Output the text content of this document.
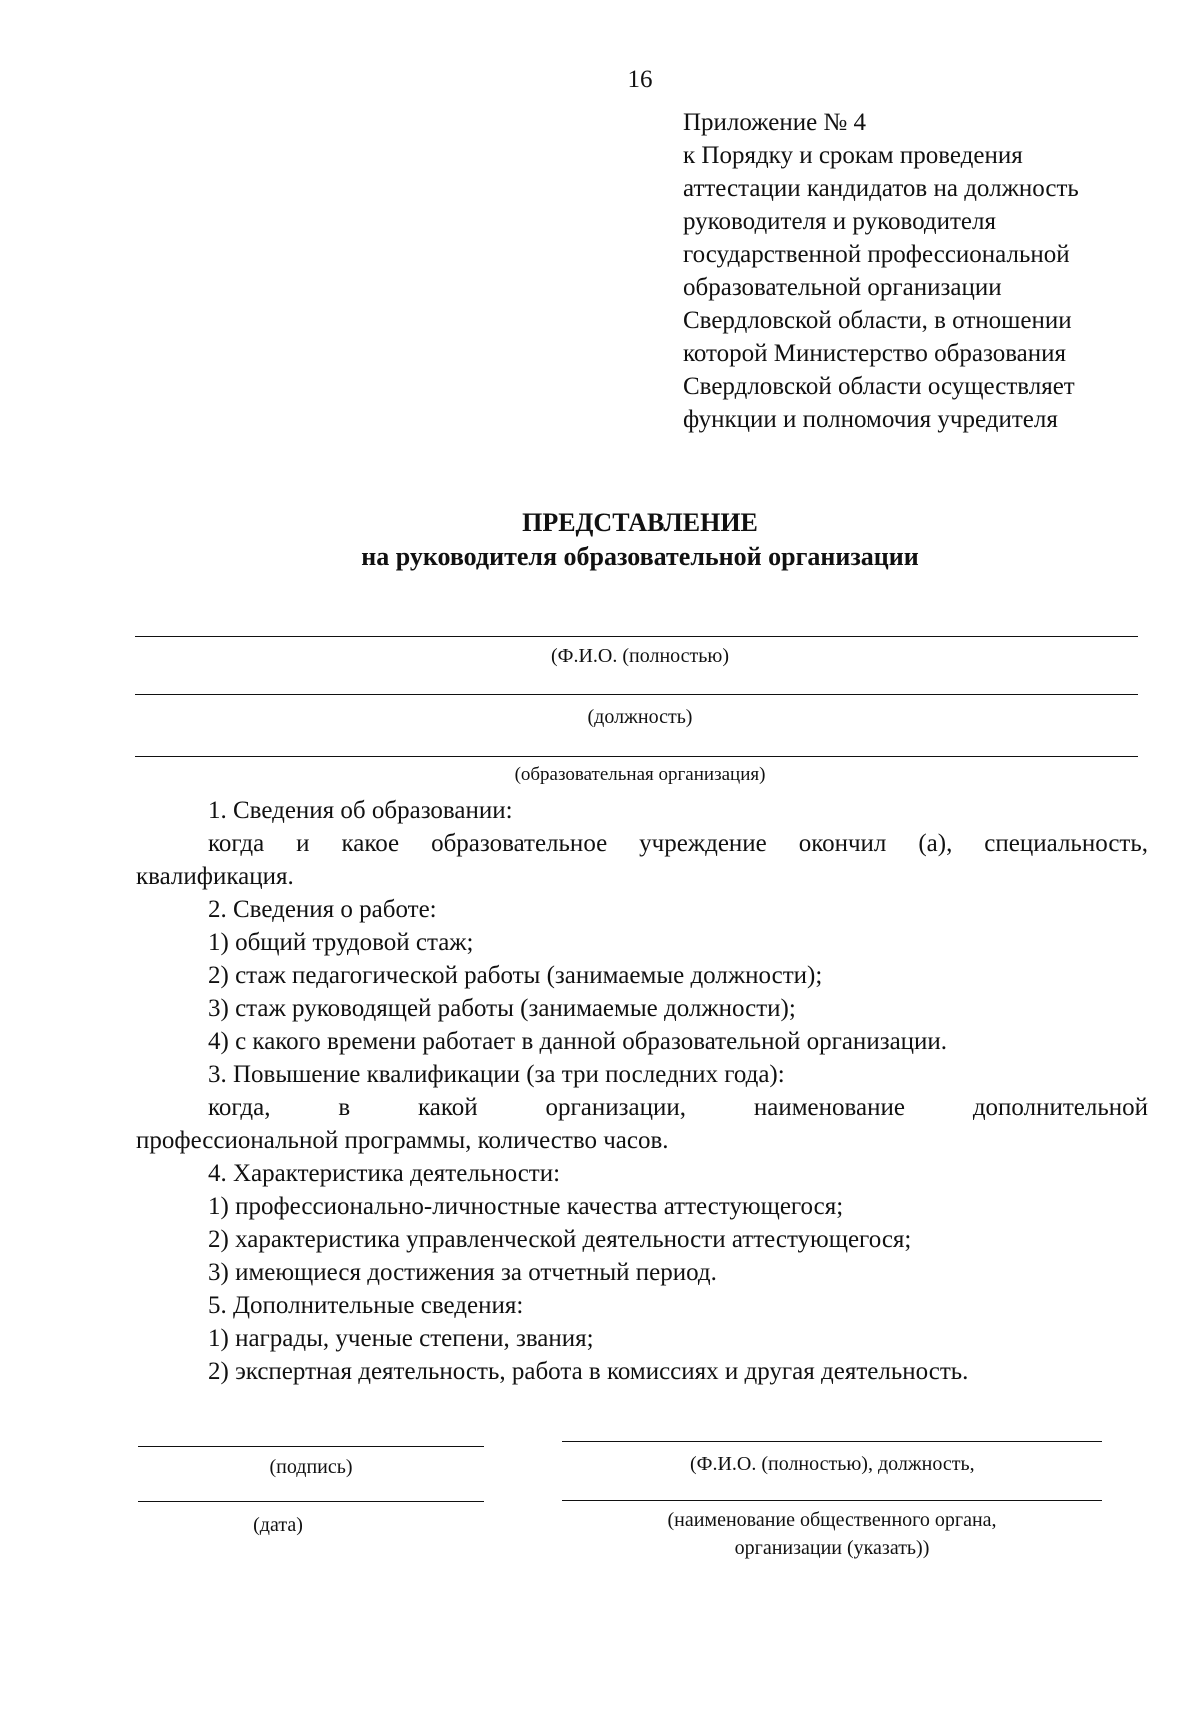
16
Приложение № 4
к Порядку и срокам проведения
аттестации кандидатов на должность
руководителя и руководителя
государственной профессиональной
образовательной организации
Свердловской области, в отношении
которой Министерство образования
Свердловской области осуществляет
функции и полномочия учредителя
ПРЕДСТАВЛЕНИЕ
на руководителя образовательной организации
(Ф.И.О. (полностью)
(должность)
(образовательная организация)
1. Сведения об образовании:
когда и какое образовательное учреждение окончил (а), специальность,
квалификация.
2. Сведения о работе:
1) общий трудовой стаж;
2) стаж педагогической работы (занимаемые должности);
3) стаж руководящей работы (занимаемые должности);
4) с какого времени работает в данной образовательной организации.
3. Повышение квалификации (за три последних года):
когда, в какой организации, наименование дополнительной
профессиональной программы, количество часов.
4. Характеристика деятельности:
1) профессионально-личностные качества аттестующегося;
2) характеристика управленческой деятельности аттестующегося;
3) имеющиеся достижения за отчетный период.
5. Дополнительные сведения:
1) награды, ученые степени, звания;
2) экспертная деятельность, работа в комиссиях и другая деятельность.
(подпись)
(дата)
(Ф.И.О. (полностью), должность,
(наименование общественного органа,
организации (указать))
